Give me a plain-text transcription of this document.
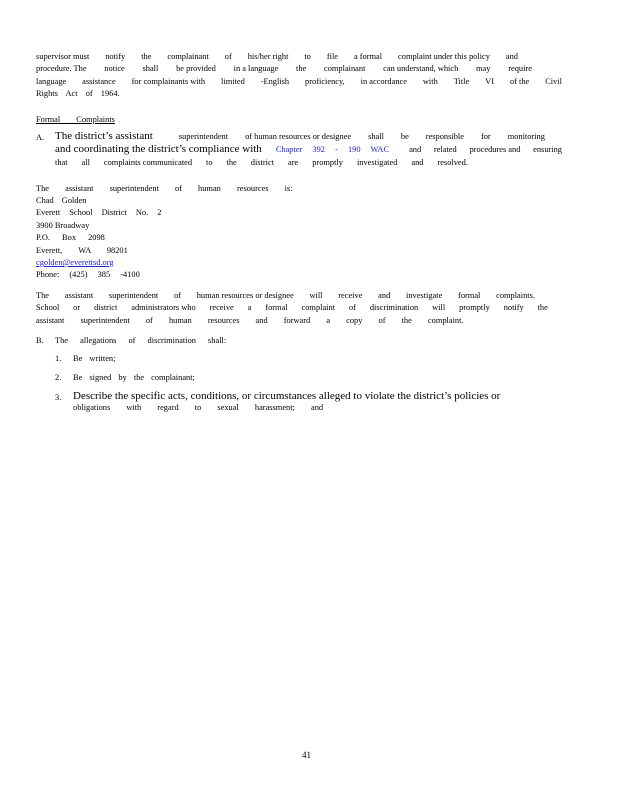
supervisor must notify the complainant of his/her right to file a formal complaint under this policy and
procedure. The notice shall be provided in a language the complainant can understand, which may require
language assistance for complainants with limited -English proficiency, in accordance with Title VI of the Civil
Rights Act of 1964.
Formal Complaints
A. The district’s assistant	superintendent of human resources or designee shall be responsible for monitoring
and coordinating the district’s compliance with Chapter 392 - 190 WAC and related procedures and ensuring
that all complaints communicated to the district are promptly investigated and resolved.
The assistant superintendent of human resources is:
Chad Golden
Everett School District No. 2
3900 Broadway
P.O. Box 2098
Everett, WA 98201
cgolden@everettsd.org
Phone: (425) 385 -4100
The assistant superintendent of human resources or designee will receive and investigate formal complaints.
School or district administrators who receive a formal complaint of discrimination will promptly notify the
assistant superintendent of human resources and forward a copy of the complaint.
B. The allegations of discrimination shall:
1. Be written;
2. Be signed by the complainant;
3. Describe the specific acts, conditions, or circumstances alleged to violate the district’s policies or
obligations with regard to sexual harassment; and
41
